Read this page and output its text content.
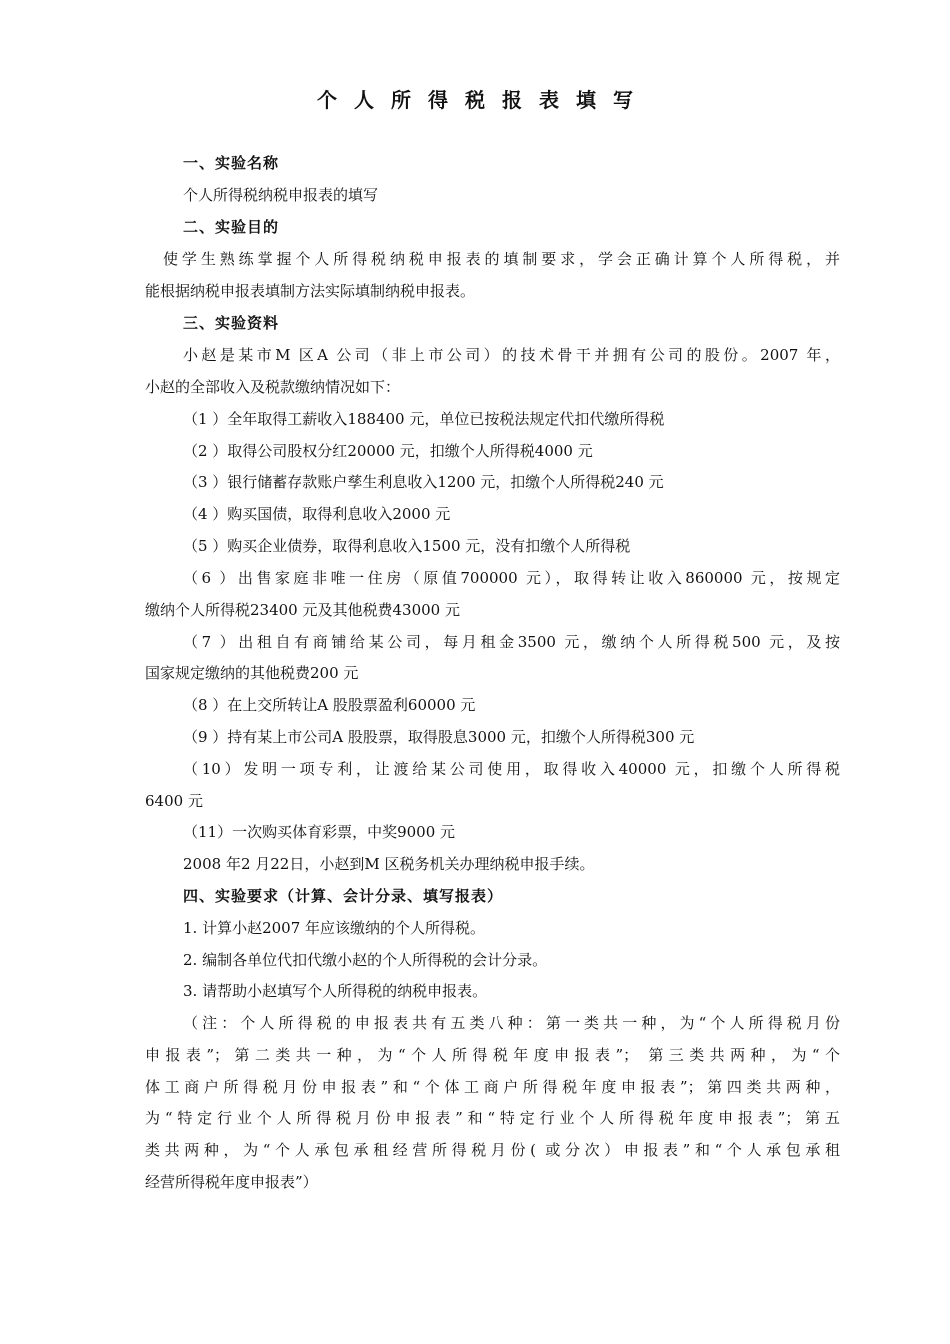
个人所得税报表填写
一、实验名称
个人所得税纳税申报表的填写
二、实验目的
使学生熟练掌握个人所得税纳税申报表的填制要求，学会正确计算个人所得税，并
能根据纳税申报表填制方法实际填制纳税申报表。
三、实验资料
小赵是某市M 区A 公司（非上市公司）的技术骨干并拥有公司的股份。2007 年，
小赵的全部收入及税款缴纳情况如下：
（1 ）全年取得工薪收入188400 元，单位已按税法规定代扣代缴所得税
（2 ）取得公司股权分红20000 元，扣缴个人所得税4000 元
（3 ）银行储蓄存款账户孳生利息收入1200 元，扣缴个人所得税240 元
（4 ）购买国债，取得利息收入2000 元
（5 ）购买企业债券，取得利息收入1500 元，没有扣缴个人所得税
（6 ）出售家庭非唯一住房（原值700000 元），取得转让收入860000 元，按规定
缴纳个人所得税23400 元及其他税费43000 元
（7 ）出租自有商铺给某公司，每月租金3500 元，缴纳个人所得税500 元，及按
国家规定缴纳的其他税费200 元
（8 ）在上交所转让A 股股票盈利60000 元
（9 ）持有某上市公司A 股股票，取得股息3000 元，扣缴个人所得税300 元
（10）发明一项专利，让渡给某公司使用，取得收入40000 元，扣缴个人所得税
6400 元
（11）一次购买体育彩票，中奖9000 元
2008 年2 月22日，小赵到M 区税务机关办理纳税申报手续。
四、实验要求（计算、会计分录、填写报表）
1. 计算小赵2007 年应该缴纳的个人所得税。
2. 编制各单位代扣代缴小赵的个人所得税的会计分录。
3. 请帮助小赵填写个人所得税的纳税申报表。
（注：个人所得税的申报表共有五类八种：第一类共一种，为“个人所得税月份
申报表”；第二类共一种，为“个人所得税年度申报表”； 第三类共两种，为“个
体工商户所得税月份申报表”和“个体工商户所得税年度申报表”；第四类共两种，
为“特定行业个人所得税月份申报表”和“特定行业个人所得税年度申报表”；第五
类共两种，为“个人承包承租经营所得税月份( 或分次）申报表”和“个人承包承租
经营所得税年度申报表”）
